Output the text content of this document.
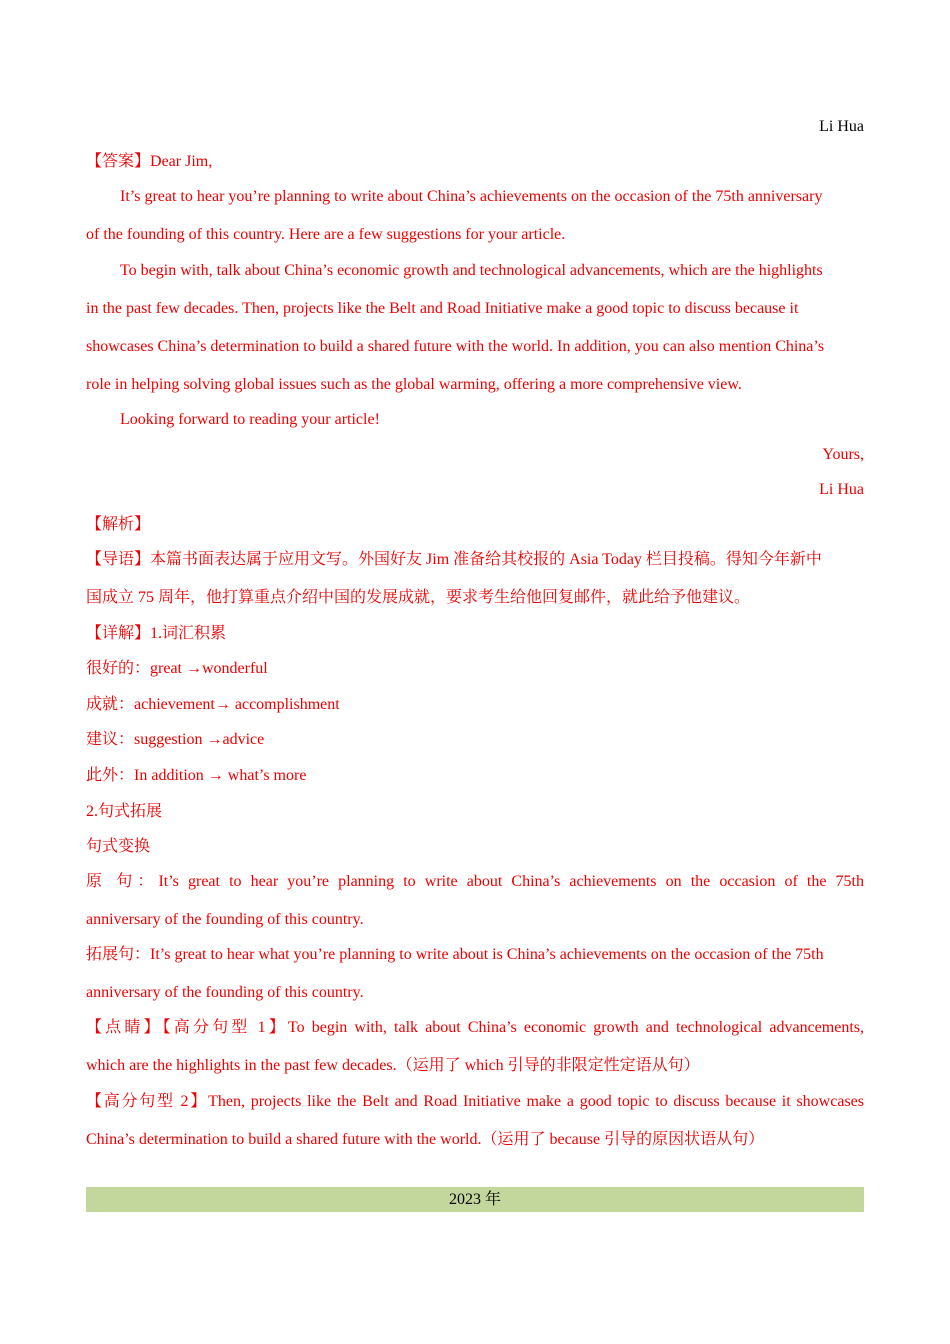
Li Hua
【答案】Dear Jim,
It’s great to hear you’re planning to write about China’s achievements on the occasion of the 75th anniversary
of the founding of this country. Here are a few suggestions for your article.
To begin with, talk about China’s economic growth and technological advancements, which are the highlights
in the past few decades. Then, projects like the Belt and Road Initiative make a good topic to discuss because it
showcases China’s determination to build a shared future with the world. In addition, you can also mention China’s
role in helping solving global issues such as the global warming, offering a more comprehensive view.
Looking forward to reading your article!
Yours,
Li Hua
【解析】
【导语】本篇书面表达属于应用文写。外国好友 Jim 准备给其校报的 Asia Today 栏目投稿。得知今年新中
国成立 75 周年，他打算重点介绍中国的发展成就，要求考生给他回复邮件，就此给予他建议。
【详解】1.词汇积累
很好的：great →wonderful
成就：achievement→ accomplishment
建议：suggestion →advice
此外：In addition → what’s more
2.句式拓展
句式变换
原 句：It’s great to hear you’re planning to write about China’s achievements on the occasion of the 75th
anniversary of the founding of this country.
拓展句：It’s great to hear what you’re planning to write about is China’s achievements on the occasion of the 75th
anniversary of the founding of this country.
【点睛】【高分句型 1】To begin with, talk about China’s economic growth and technological advancements,
which are the highlights in the past few decades.（运用了 which 引导的非限定性定语从句）
【高分句型 2】Then, projects like the Belt and Road Initiative make a good topic to discuss because it showcases
China’s determination to build a shared future with the world.（运用了 because 引导的原因状语从句）
2023 年
